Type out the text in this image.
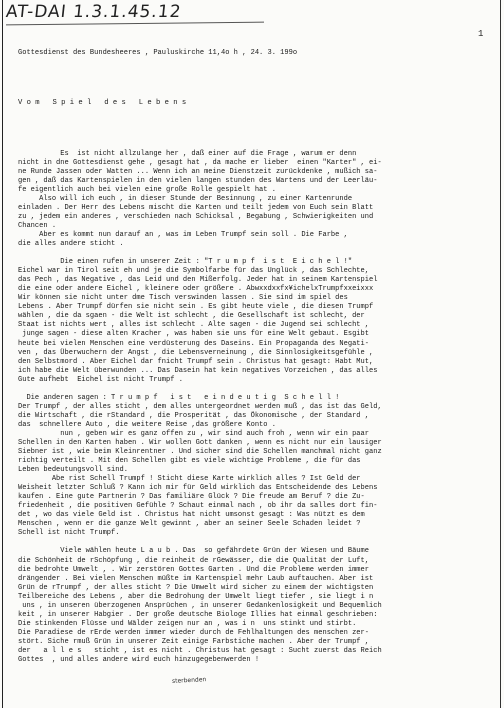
AT-DAI 1.3.1.45.12
1

Gottesdienst des Bundesheeres , Pauluskirche 11,4o h , 24. 3. 199o

V o m   S p i e l   d e s   L e b e n s

Es  ist nicht allzulange her , daß einer auf die Frage , warum er denn

nicht in dne Gottesdienst gehe , gesagt hat , da mache er lieber  einen "Karter" , ei-

ne Runde Jassen oder Watten ... Wenn ich an meine Dienstzeit zurückdenke , mußich sa-

gen , daß das Kartenspielen in den vielen langen stunden des Wartens und der Leerläu-

fe eigentlich auch bei vielen eine große Rolle gespielt hat .

Also will ich euch , in dieser Stunde der Besinnung , zu einer Kartenrunde

einladen . Der Herr des Lebens mischt die Karten und teilt jedem von Euch sein Blatt

zu , jedem ein anderes , verschieden nach Schicksal , Begabung , Schwierigkeiten und

Chancen .

Aber es kommt nun darauf an , was im Leben Trumpf sein soll . Die Farbe ,

die alles andere sticht .

Die einen rufen in unserer Zeit : "T r u m p f  i s t  E i c h e l !"

Eichel war in Tirol seit eh und je die Symbolfarbe für das Unglück , das Schlechte,

das Pech , das Negative , das Leid und den Mißerfolg. Jeder hat in seinem Kartenspiel

die eine oder andere Eichel , kleinere oder größere . Abwxxdxxfx¥ichelxTrumpfxxeixxx

Wir können sie nicht unter dme Tisch verswinden lassen . Sie sind im spiel des

Lebens . Aber Trumpf dürfen sie nicht sein . Es gibt heute viele , die diesen Trumpf

wählen , die da sgaen - die Welt ist schlecht , die Gesellschaft ist schlecht, der

Staat ist nichts wert , alles ist schlecht . Alte sagen - die Jugend sei schlecht ,

junge sagen - diese alten Kracher , was haben sie uns für eine Welt gebaut. Esgibt

heute bei vielen Menschen eine verdüsterung des Daseins. Ein Propaganda des Negati-

ven , das Überwuchern der Angst , die Lebensverneinung , die Sinnlosigkeitsgefühle ,

den Selbstmord . Aber Eichel dar fnicht Trumpf sein . Christus hat gesagt: Habt Mut,

ich habe die Welt überwunden ... Das Dasein hat kein negatives Vorzeichen , das alles

Gute aufhebt  Eichel ist nicht Trumpf .

Die anderen sagen : T r u m p f   i s t   e i n d e u t i g  S c h e l l !

Der Trumpf , der alles sticht , dem alles untergeordnet werden muß , das ist das Geld,

die Wirtschaft , die rStandard , die Prosperität , das Ökonomische , der Standard ,

das  schnellere Auto , die weitere Reise ,das größere Konto .

nun , geben wir es ganz offen zu , wir sind auch froh , wenn wir ein paar

Schellen in den Karten haben . Wir wollen Gott danken , wenn es nicht nur ein lausiger

Siebner ist , wie beim Kleinrentner . Und sicher sind die Schellen manchmal nicht ganz

richtig verteilt . Mit den Schellen gibt es viele wichtige Probleme , die für das

Leben bedeutungsvoll sind.

Abe rist Schell Trumpf ! Sticht diese Karte wirklich alles ? Ist Geld der

Weisheit letzter Schluß ? Kann ich mir für Geld wirklich das Entscheidende des Lebens

kaufen . Eine gute Partnerin ? Das familiäre Glück ? Die freude am Beruf ? die Zu-

friedenheit , die positiven Gefühle ? Schaut einmal nach , ob ihr da salles dort fin-

det , wo das viele Geld ist . Christus hat nicht umsonst gesagt : Was nützt es dem

Menschen , wenn er die ganze Welt gewinnt , aber an seiner Seele Schaden leidet ?

Schell ist nicht Trumpf.

Viele wählen heute L a u b . Das  so gefährdete Grün der Wiesen und Bäume

die Schönheit de rSchöpfung , die reinheit de rGewässer, die die Qualität der Luft,

die bedrohte Umwelt , . Wir zerstören Gottes Garten . Und die Probleme werden immer

drängender . Bei vielen Menschen müßte im Kartenspiel mehr Laub auftauchen. Aber ist

Grün de rTrumpf , der alles sticht ? Die Umwelt wird sicher zu einem der wichtigsten

Teilbereiche des Lebens , aber die Bedrohung der Umwelt liegt tiefer , sie liegt i n

uns , in unseren überzogenen Ansprüchen , in unserer Gedankenlosigkeit und Bequemlich

keit , in unserer Habgier . Der große deutsche Biologe Illies hat einmal geschrieben:

Die stinkenden Flüsse und Wälder zeigen nur an , was i n  uns stinkt und stirbt.

Die Paradiese de rErde werden immer wieder durch de Fehlhaltungen des menschen zer-

stört. Siche rmuß Grün in unserer Zeit einige Farbstiche machen . Aber der Trumpf ,

der   a l l e s   sticht , ist es nicht . Christus hat gesagt : Sucht zuerst das Reich

Gottes  , und alles andere wird euch hinzugegebenwerden !

sterbenden
